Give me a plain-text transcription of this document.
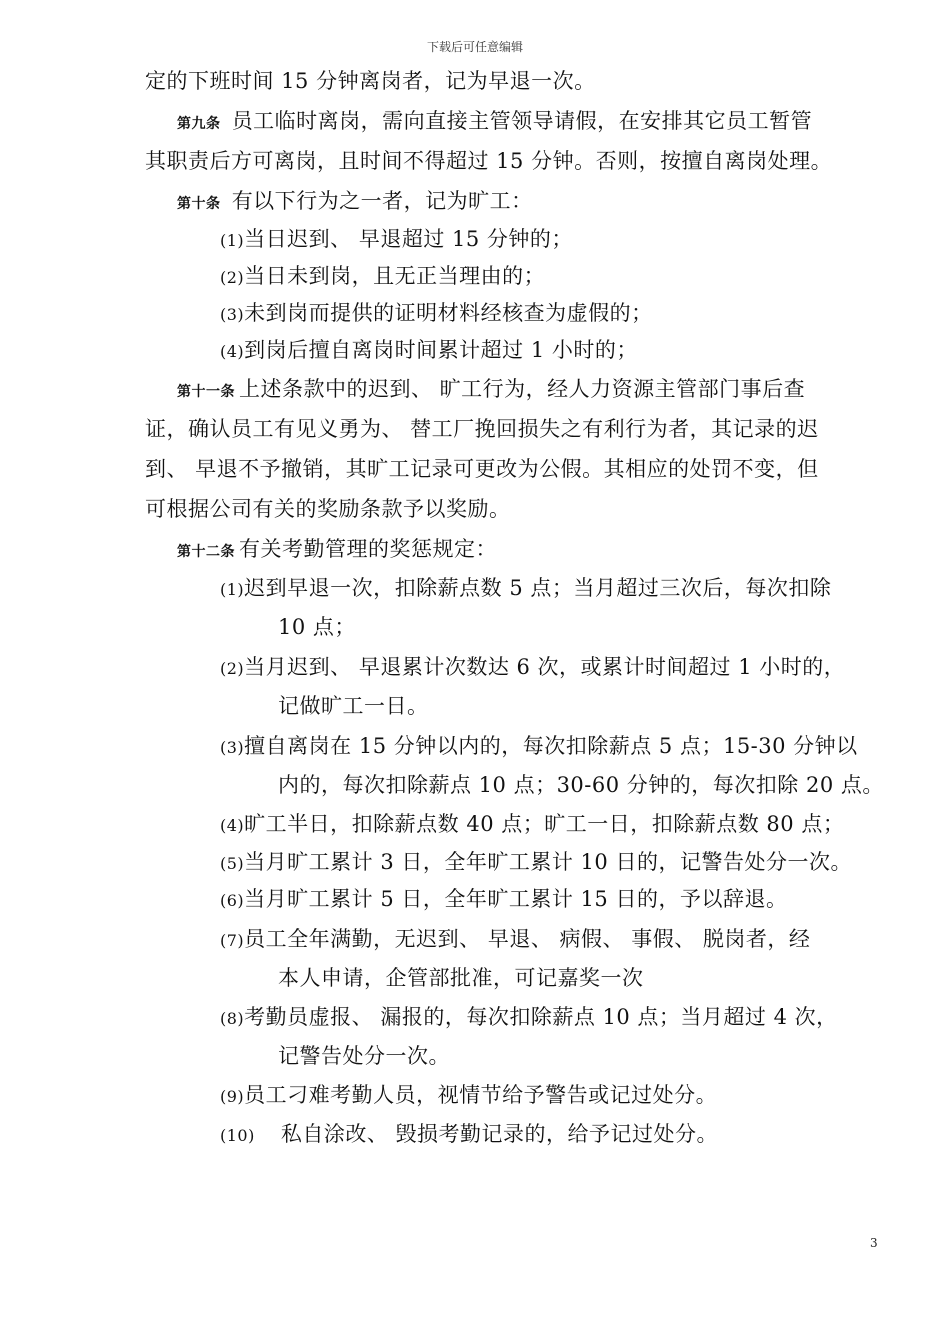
下载后可任意编辑
定的下班时间 15 分钟离岗者，记为早退一次。
第九条 员工临时离岗，需向直接主管领导请假，在安排其它员工暂管
其职责后方可离岗，且时间不得超过 15 分钟。否则，按擅自离岗处理。
第十条 有以下行为之一者，记为旷工：
(1)当日迟到、 早退超过 15 分钟的；
(2)当日未到岗，且无正当理由的；
(3)未到岗而提供的证明材料经核查为虚假的；
(4)到岗后擅自离岗时间累计超过 1 小时的；
第十一条 上述条款中的迟到、 旷工行为，经人力资源主管部门事后查
证，确认员工有见义勇为、 替工厂挽回损失之有利行为者，其记录的迟
到、 早退不予撤销，其旷工记录可更改为公假。其相应的处罚不变，但
可根据公司有关的奖励条款予以奖励。
第十二条 有关考勤管理的奖惩规定：
(1)迟到早退一次，扣除薪点数 5 点；当月超过三次后，每次扣除
10 点；
(2)当月迟到、 早退累计次数达 6 次，或累计时间超过 1 小时的，
记做旷工一日。
(3)擅自离岗在 15 分钟以内的，每次扣除薪点 5 点；15-30 分钟以
内的，每次扣除薪点 10 点；30-60 分钟的，每次扣除 20 点。
(4)旷工半日，扣除薪点数 40 点；旷工一日，扣除薪点数 80 点；
(5)当月旷工累计 3 日，全年旷工累计 10 日的，记警告处分一次。
(6)当月旷工累计 5 日，全年旷工累计 15 日的，予以辞退。
(7)员工全年满勤，无迟到、 早退、 病假、 事假、 脱岗者，经
本人申请，企管部批准，可记嘉奖一次
(8)考勤员虚报、 漏报的，每次扣除薪点 10 点；当月超过 4 次，
记警告处分一次。
(9)员工刁难考勤人员，视情节给予警告或记过处分。
(10) 私自涂改、 毁损考勤记录的，给予记过处分。
3
